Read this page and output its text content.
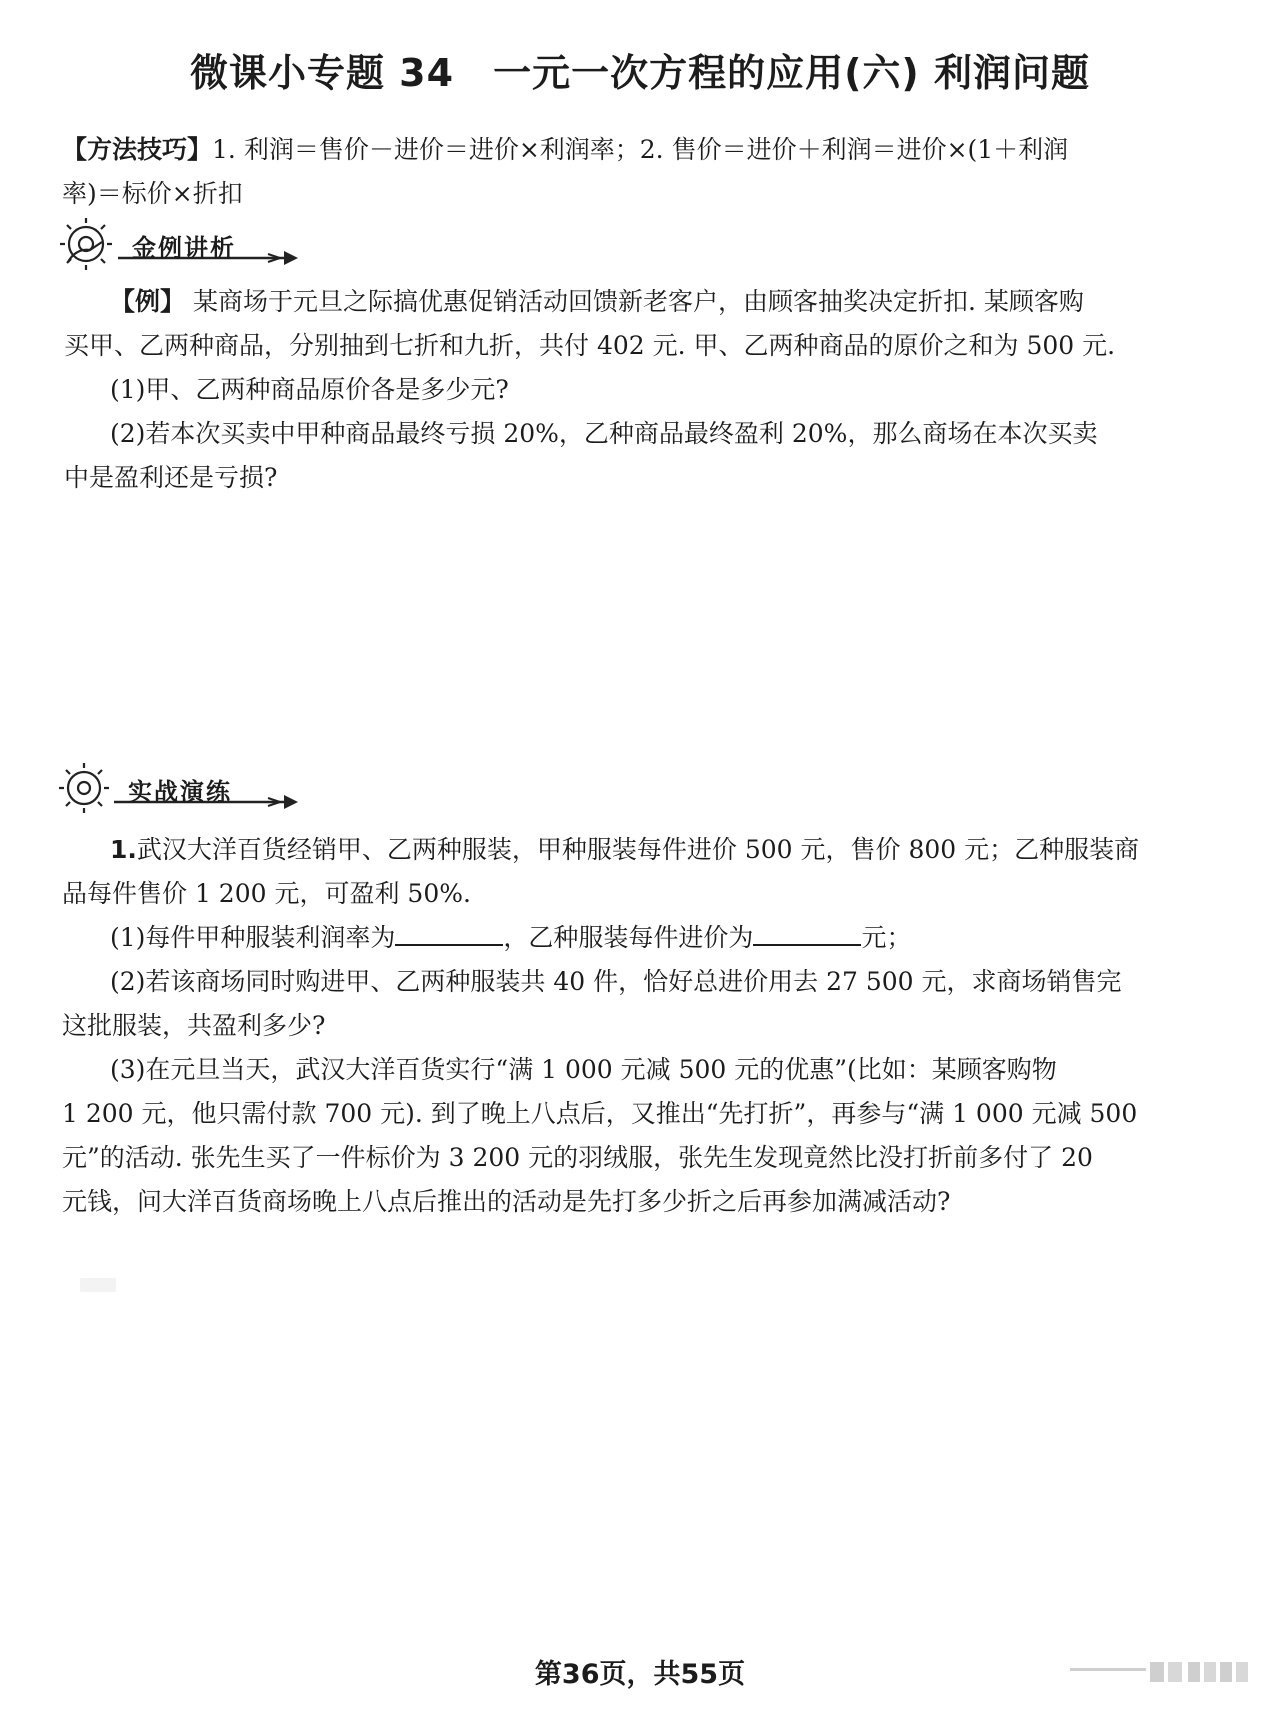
微课小专题 34　一元一次方程的应用(六) 利润问题
【方法技巧】1. 利润＝售价－进价＝进价×利润率；2. 售价＝进价＋利润＝进价×(1＋利润
率)＝标价×折扣
金例讲析
【例】 某商场于元旦之际搞优惠促销活动回馈新老客户，由顾客抽奖决定折扣. 某顾客购
买甲、乙两种商品，分别抽到七折和九折，共付 402 元. 甲、乙两种商品的原价之和为 500 元.
(1)甲、乙两种商品原价各是多少元?
(2)若本次买卖中甲种商品最终亏损 20%，乙种商品最终盈利 20%，那么商场在本次买卖
中是盈利还是亏损?
实战演练
1.武汉大洋百货经销甲、乙两种服装，甲种服装每件进价 500 元，售价 800 元；乙种服装商
品每件售价 1 200 元，可盈利 50%.
(1)每件甲种服装利润率为	，乙种服装每件进价为	元；
(2)若该商场同时购进甲、乙两种服装共 40 件，恰好总进价用去 27 500 元，求商场销售完
这批服装，共盈利多少?
(3)在元旦当天，武汉大洋百货实行“满 1 000 元减 500 元的优惠”(比如：某顾客购物
1 200 元，他只需付款 700 元). 到了晚上八点后，又推出“先打折”，再参与“满 1 000 元减 500
元”的活动. 张先生买了一件标价为 3 200 元的羽绒服，张先生发现竟然比没打折前多付了 20
元钱，问大洋百货商场晚上八点后推出的活动是先打多少折之后再参加满减活动?
第36页，共55页
